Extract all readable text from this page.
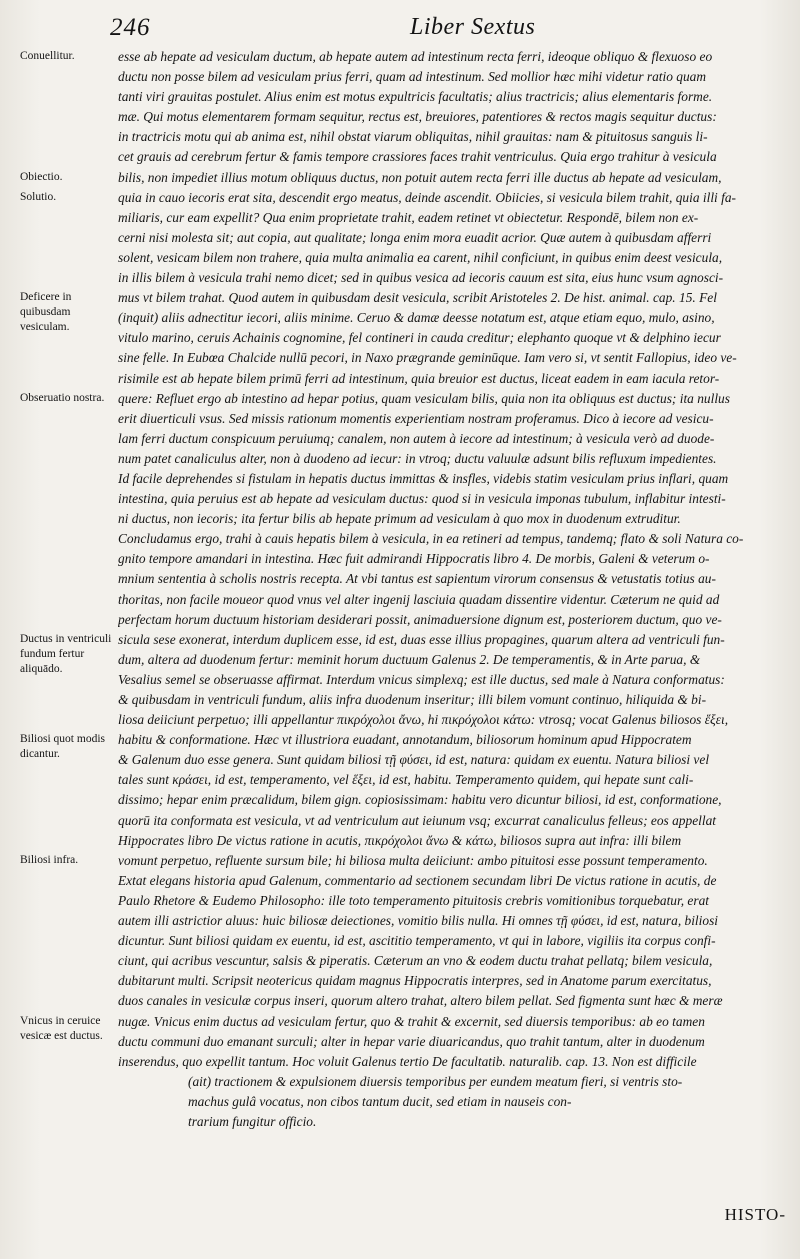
246	Liber Sextus
Conuellitur.
Obiectio.
Solutio.
Deficere in quibusdam vesiculam.
Obseruatio nostra.
Ductus in ventriculi fundum fertur aliquādo.
Biliosi quot modis dicantur.
Biliosi infra.
Vnicus in ceruice vesicæ est ductus.
esse ab hepate ad vesiculam ductum, ab hepate autem ad intestinum recta ferri, ideoque obliquo & flexuoso eo
ductu non posse bilem ad vesiculam prius ferri, quam ad intestinum. Sed mollior hæc mihi videtur ratio quam
tanti viri grauitas postulet. Alius enim est motus expultricis facultatis; alius tractricis; alius elementaris forme.
mæ. Qui motus elementarem formam sequitur, rectus est, breuiores, patentiores & rectos magis sequitur ductus:
in tractricis motu qui ab anima est, nihil obstat viarum obliquitas, nihil grauitas: nam & pituitosus sanguis li-
cet grauis ad cerebrum fertur & famis tempore crassiores faces trahit ventriculus. Quia ergo trahitur à vesicula
bilis, non impediet illius motum obliquus ductus, non potuit autem recta ferri ille ductus ab hepate ad vesiculam,
quia in cauo iecoris erat sita, descendit ergo meatus, deinde ascendit. Obiicies, si vesicula bilem trahit, quia illi fa-
miliaris, cur eam expellit? Qua enim proprietate trahit, eadem retinet vt obiectetur. Respondē, bilem non ex-
cerni nisi molesta sit; aut copia, aut qualitate; longa enim mora euadit acrior. Quæ autem à quibusdam afferri
solent, vesicam bilem non trahere, quia multa animalia ea carent, nihil conficiunt, in quibus enim deest vesicula,
in illis bilem à vesicula trahi nemo dicet; sed in quibus vesica ad iecoris cauum est sita, eius hunc vsum agnosci-
mus vt bilem trahat. Quod autem in quibusdam desit vesicula, scribit Aristoteles 2. De hist. animal. cap. 15. Fel
(inquit) aliis adnectitur iecori, aliis minime. Ceruo & damæ deesse notatum est, atque etiam equo, mulo, asino,
vitulo marino, ceruis Achainis cognomine, fel contineri in cauda creditur; elephanto quoque vt & delphino iecur
sine felle. In Eubœa Chalcide nullū pecori, in Naxo prægrande geminūque. Iam vero si, vt sentit Fallopius, ideo ve-
risimile est ab hepate bilem primū ferri ad intestinum, quia breuior est ductus, liceat eadem in eam iacula retor-
quere: Refluet ergo ab intestino ad hepar potius, quam vesiculam bilis, quia non ita obliquus est ductus; ita nullus
erit diuerticuli vsus. Sed missis rationum momentis experientiam nostram proferamus. Dico à iecore ad vesicu-
lam ferri ductum conspicuum peruiumq; canalem, non autem à iecore ad intestinum; à vesicula verò ad duode-
num patet canaliculus alter, non à duodeno ad iecur: in vtroq; ductu valuulæ adsunt bilis refluxum impedientes.
Id facile deprehendes si fistulam in hepatis ductus immittas & insfles, videbis statim vesiculam prius inflari, quam
intestina, quia peruius est ab hepate ad vesiculam ductus: quod si in vesicula imponas tubulum, inflabitur intesti-
ni ductus, non iecoris; ita fertur bilis ab hepate primum ad vesiculam à quo mox in duodenum extruditur.
Concludamus ergo, trahi à cauis hepatis bilem à vesicula, in ea retineri ad tempus, tandemq; flato & soli Natura co-
gnito tempore amandari in intestina. Hæc fuit admirandi Hippocratis libro 4. De morbis, Galeni & veterum o-
mnium sententia à scholis nostris recepta. At vbi tantus est sapientum virorum consensus & vetustatis totius au-
thoritas, non facile moueor quod vnus vel alter ingenij lasciuia quadam dissentire videntur. Cæterum ne quid ad
perfectam horum ductuum historiam desiderari possit, animaduersione dignum est, posteriorem ductum, quo ve-
sicula sese exonerat, interdum duplicem esse, id est, duas esse illius propagines, quarum altera ad ventriculi fun-
dum, altera ad duodenum fertur: meminit horum ductuum Galenus 2. De temperamentis, & in Arte parua, &
Vesalius semel se obseruasse affirmat. Interdum vnicus simplexq; est ille ductus, sed male à Natura conformatus:
& quibusdam in ventriculi fundum, aliis infra duodenum inseritur; illi bilem vomunt continuo, hiliquida & bi-
liosa deiiciunt perpetuo; illi appellantur πικρόχολοι ἄνω, hi πικρόχολοι κάτω: vtrosq; vocat Galenus biliosos ἕξει,
habitu & conformatione. Hæc vt illustriora euadant, annotandum, biliosorum hominum apud Hippocratem
& Galenum duo esse genera. Sunt quidam biliosi τῇ φύσει, id est, natura: quidam ex euentu. Natura biliosi vel
tales sunt κράσει, id est, temperamento, vel ἕξει, id est, habitu. Temperamento quidem, qui hepate sunt cali-
dissimo; hepar enim præcalidum, bilem gign. copiosissimam: habitu vero dicuntur biliosi, id est, conformatione,
quorū ita conformata est vesicula, vt ad ventriculum aut ieiunum vsq; excurrat canaliculus felleus; eos appellat
Hippocrates libro De victus ratione in acutis, πικρόχολοι ἄνω & κάτω, biliosos supra aut infra: illi bilem
vomunt perpetuo, refluente sursum bile; hi biliosa multa deiiciunt: ambo pituitosi esse possunt temperamento.
Extat elegans historia apud Galenum, commentario ad sectionem secundam libri De victus ratione in acutis, de
Paulo Rhetore & Eudemo Philosopho: ille toto temperamento pituitosis crebris vomitionibus torquebatur, erat
autem illi astrictior aluus: huic biliosæ deiectiones, vomitio bilis nulla. Hi omnes τῇ φύσει, id est, natura, biliosi
dicuntur. Sunt biliosi quidam ex euentu, id est, ascititio temperamento, vt qui in labore, vigiliis ita corpus confi-
ciunt, qui acribus vescuntur, salsis & piperatis. Cæterum an vno & eodem ductu trahat pellatq; bilem vesicula,
dubitarunt multi. Scripsit neotericus quidam magnus Hippocratis interpres, sed in Anatome parum exercitatus,
duos canales in vesiculæ corpus inseri, quorum altero trahat, altero bilem pellat. Sed figmenta sunt hæc & meræ
nugæ. Vnicus enim ductus ad vesiculam fertur, quo & trahit & excernit, sed diuersis temporibus: ab eo tamen
ductu communi duo emanant surculi; alter in hepar varie diuaricandus, quo trahit tantum, alter in duodenum
inserendus, quo expellit tantum. Hoc voluit Galenus tertio De facultatib. naturalib. cap. 13. Non est difficile
(ait) tractionem & expulsionem diuersis temporibus per eundem meatum fieri, si ventris sto-
machus gulâ vocatus, non cibos tantum ducit, sed etiam in nauseis con-
trarium fungitur officio.
HISTO-
